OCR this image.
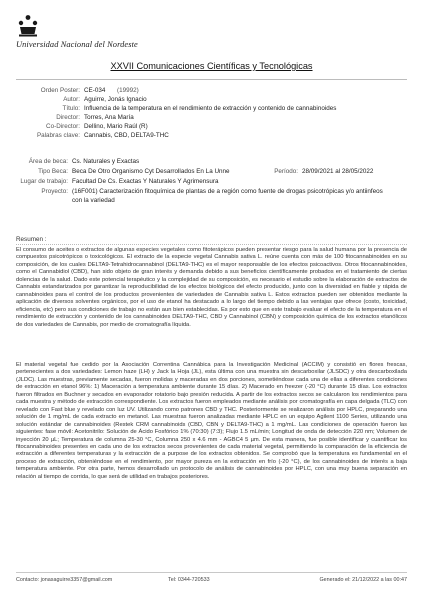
Universidad Nacional del Nordeste
XXVII Comunicaciones Científicas y Tecnológicas
Orden Poster: CE-034 (19992)
Autor: Aguirre, Jonás Ignacio
Título: Influencia de la temperatura en el rendimiento de extracción y contenido de cannabinoides
Director: Torres, Ana María
Co-Director: Dellino, Mario Raúl (R)
Palabras clave: Cannabis, CBD, DELTA9-THC
Área de beca: Cs. Naturales y Exactas
Tipo Beca: Beca De Otro Organismo Cyt Desarrollados En La Unne	Período: 28/09/2021 al 28/05/2022
Lugar de trabajo: Facultad De Cs. Exactas Y Naturales Y Agrimensura
Proyecto: (16F001) Caracterización fitoquímica de plantas de a región como fuente de drogas psicotrópicas y/o antiinfeos
con la variedad
Resumen :
El consumo de aceites o extractos de algunas especies vegetales como fitoterápicos pueden presentar riesgo para la salud humana por la presencia de compuestos psicotrópicos o toxicológicos. El extracto de la especie vegetal Cannabis sativa L. reúne cuenta con más de 100 fitocannabinoides en su composición, de los cuales DELTA9-Tetrahidrocannabinol (DELTA9-THC) es el mayor responsable de los efectos psicoactivos. Otros fitocannabinoides, como el Cannabidiol (CBD), han sido objeto de gran interés y demanda debido a sus beneficios científicamente probados en el tratamiento de ciertas dolencias de la salud. Dado este potencial terapéutico y la complejidad de su composición, es necesario el estudio sobre la elaboración de extractos de Cannabis estandarizados por garantizar la reproducibilidad de los efectos biológicos del efecto producido, junto con la diversidad en fiable y rápida de cannabinoides para el control de los productos provenientes de variedades de Cannabis sativa L. Estos extractos pueden ser obtenidos mediante la aplicación de diversos solventes orgánicos, por el uso de etanol ha destacado a lo largo del tiempo debido a las ventajas que ofrece (costo, toxicidad, eficiencia, etc) pero sus condiciones de trabajo no están aun bien establecidas. Es por esto que en este trabajo evaluar el efecto de la temperatura en el rendimiento de extracción y contenido de los cannabinoides DELTA9-THC, CBD y Cannabinol (CBN) y composición química de los extractos etanólicos de dos variedades de Cannabis, por medio de cromatografía líquida.
El material vegetal fue cedido por la Asociación Correntina Cannábica para la Investigación Medicinal (ACCIM) y consistió en flores frescas, pertenecientes a dos variedades: Lemon haze (LH) y Jack la Hoja (JL), esta última con una muestra sin descarboxilar (JLSDC) y otra descarboxilada (JLDC). Las muestras, previamente secadas, fueron molidas y maceradas en dos porciones, sometiéndose cada una de ellas a diferentes condiciones de extracción en etanol 96%: 1) Maceración a temperatura ambiente durante 15 días. 2) Macerado en freezer (-20 °C) durante 15 días. Los extractos fueron filtrados en Buchner y secados en evaporador rotatorio bajo presión reducida. A partir de los extractos secos se calcularon los rendimientos para cada muestra y método de extracción correspondiente. Los extractos fueron empleados mediante análisis por cromatografía en capa delgada (TLC) con revelado con Fast blue y revelado con luz UV. Utilizando como patrones CBD y THC. Posteriormente se realizaron análisis por HPLC, preparando una solución de 1 mg/mL de cada extracto en metanol. Las muestras fueron analizadas mediante HPLC en un equipo Agilent 1100 Series, utilizando una solución estándar de cannabinoides (Restek CRM cannabinoids (CBD, CBN y DELTA9-THC) a 1 mg/mL. Las condiciones de operación fueron las siguientes: fase móvil: Acetonitrilo: Solución de Ácido Fosfórico 1% (70:30) (7:3); Flujo 1.5 mL/min; Longitud de onda de detección 220 nm; Volumen de inyección 20 µL; Temperatura de columna 25-30 °C, Columna 250 x 4.6 mm - AGBC4 5 µm. De esta manera, fue posible identificar y cuantificar los fitocannabinoides presentes en cada uno de los extractos secos provenientes de cada material vegetal, permitiendo la comparación de la eficiencia de extracción a diferentes temperaturas y la extracción de a purpose de los extractos obtenidos. Se comprobó que la temperatura es fundamental en el proceso de extracción, obteniéndose en el rendimiento, por mayor pureza en la extracción en frío (-20 °C), de los cannabinoides de interés a baja temperatura ambiente. Por otra parte, hemos desarrollado un protocolo de análisis de cannabinoides por HPLC, con una muy buena separación en relación al tiempo de corrida, lo que será de utilidad en trabajos posteriores.
Contacto: jonasaguirre3357@gmail.com	Tel: 0344-720533	Generado el: 21/12/2022 a las 00:47
